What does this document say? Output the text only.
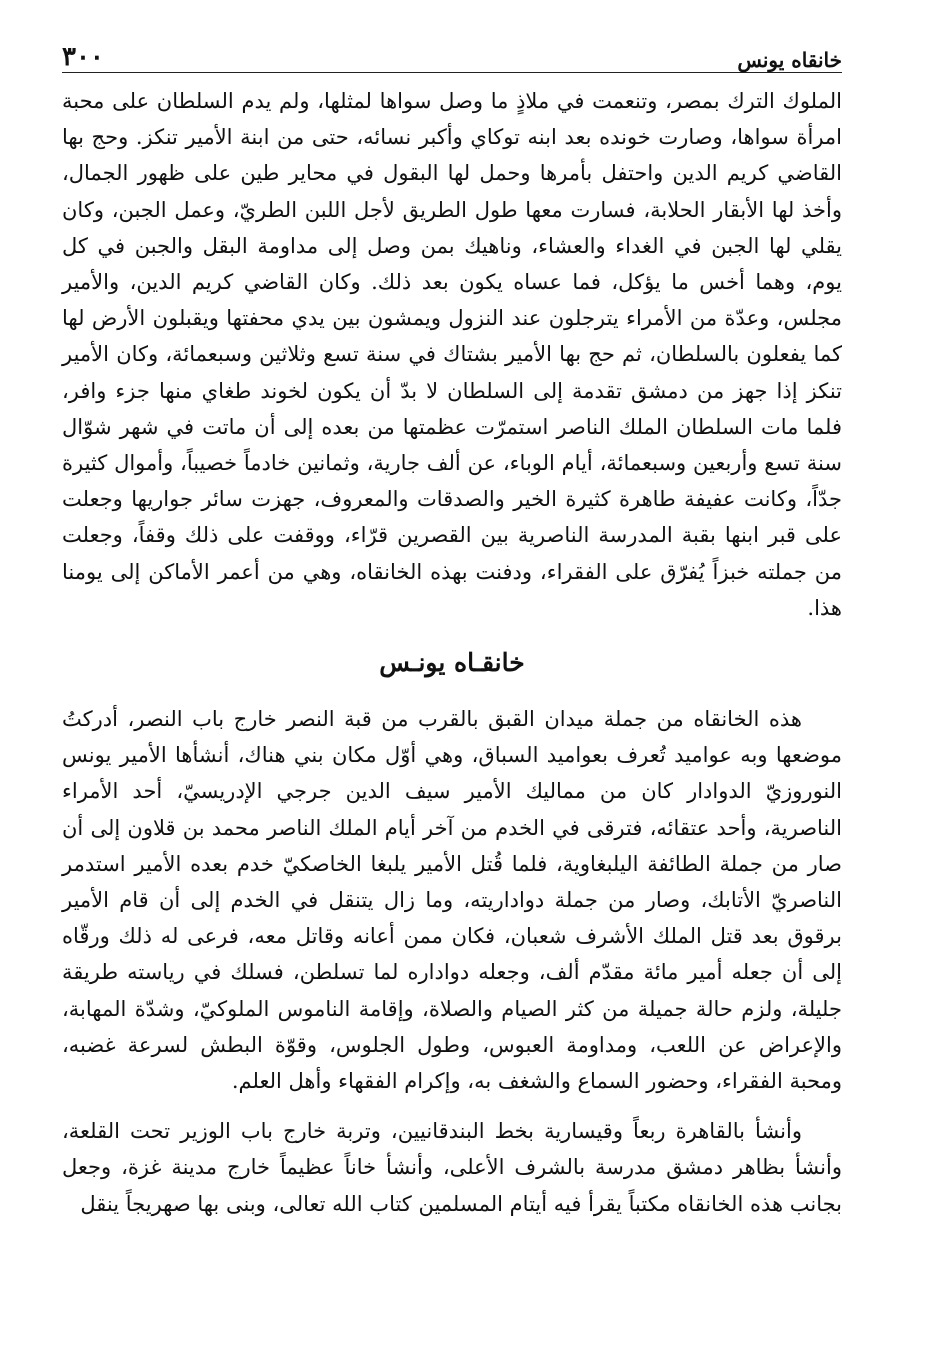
خانقاه يونس
٣٠٠

الملوك الترك بمصر، وتنعمت في ملاذٍ ما وصل سواها لمثلها، ولم يدم السلطان على محبة امرأة سواها، وصارت خونده بعد ابنه توكاي وأكبر نسائه، حتى من ابنة الأمير تنكز. وحج بها القاضي كريم الدين واحتفل بأمرها وحمل لها البقول في محاير طين على ظهور الجمال، وأخذ لها الأبقار الحلابة، فسارت معها طول الطريق لأجل اللبن الطريّ، وعمل الجبن، وكان يقلي لها الجبن في الغداء والعشاء، وناهيك بمن وصل إلى مداومة البقل والجبن في كل يوم، وهما أخس ما يؤكل، فما عساه يكون بعد ذلك. وكان القاضي كريم الدين، والأمير مجلس، وعدّة من الأمراء يترجلون عند النزول ويمشون بين يدي محفتها ويقبلون الأرض لها كما يفعلون بالسلطان، ثم حج بها الأمير بشتاك في سنة تسع وثلاثين وسبعمائة، وكان الأمير تنكز إذا جهز من دمشق تقدمة إلى السلطان لا بدّ أن يكون لخوند طغاي منها جزء وافر، فلما مات السلطان الملك الناصر استمرّت عظمتها من بعده إلى أن ماتت في شهر شوّال سنة تسع وأربعين وسبعمائة، أيام الوباء، عن ألف جارية، وثمانين خادماً خصيباً، وأموال كثيرة جدّاً، وكانت عفيفة طاهرة كثيرة الخير والصدقات والمعروف، جهزت سائر جواريها وجعلت على قبر ابنها بقبة المدرسة الناصرية بين القصرين قرّاء، ووقفت على ذلك وقفاً، وجعلت من جملته خبزاً يُفرّق على الفقراء، ودفنت بهذه الخانقاه، وهي من أعمر الأماكن إلى يومنا هذا.

خانقـاه يونـس

هذه الخانقاه من جملة ميدان القبق بالقرب من قبة النصر خارج باب النصر، أدركتُ موضعها وبه عواميد تُعرف بعواميد السباق، وهي أوّل مكان بني هناك، أنشأها الأمير يونس النوروزيّ الدوادار كان من مماليك الأمير سيف الدين جرجي الإدريسيّ، أحد الأمراء الناصرية، وأحد عتقائه، فترقى في الخدم من آخر أيام الملك الناصر محمد بن قلاون إلى أن صار من جملة الطائفة اليلبغاوية، فلما قُتل الأمير يلبغا الخاصكيّ خدم بعده الأمير استدمر الناصريّ الأتابك، وصار من جملة دواداريته، وما زال يتنقل في الخدم إلى أن قام الأمير برقوق بعد قتل الملك الأشرف شعبان، فكان ممن أعانه وقاتل معه، فرعى له ذلك ورقّاه إلى أن جعله أمير مائة مقدّم ألف، وجعله دواداره لما تسلطن، فسلك في رياسته طريقة جليلة، ولزم حالة جميلة من كثر الصيام والصلاة، وإقامة الناموس الملوكيّ، وشدّة المهابة، والإعراض عن اللعب، ومداومة العبوس، وطول الجلوس، وقوّة البطش لسرعة غضبه، ومحبة الفقراء، وحضور السماع والشغف به، وإكرام الفقهاء وأهل العلم.

وأنشأ بالقاهرة ربعاً وقيسارية بخط البندقانيين، وتربة خارج باب الوزير تحت القلعة، وأنشأ بظاهر دمشق مدرسة بالشرف الأعلى، وأنشأ خاناً عظيماً خارج مدينة غزة، وجعل بجانب هذه الخانقاه مكتباً يقرأ فيه أيتام المسلمين كتاب الله تعالى، وبنى بها صهريجاً ينقل
